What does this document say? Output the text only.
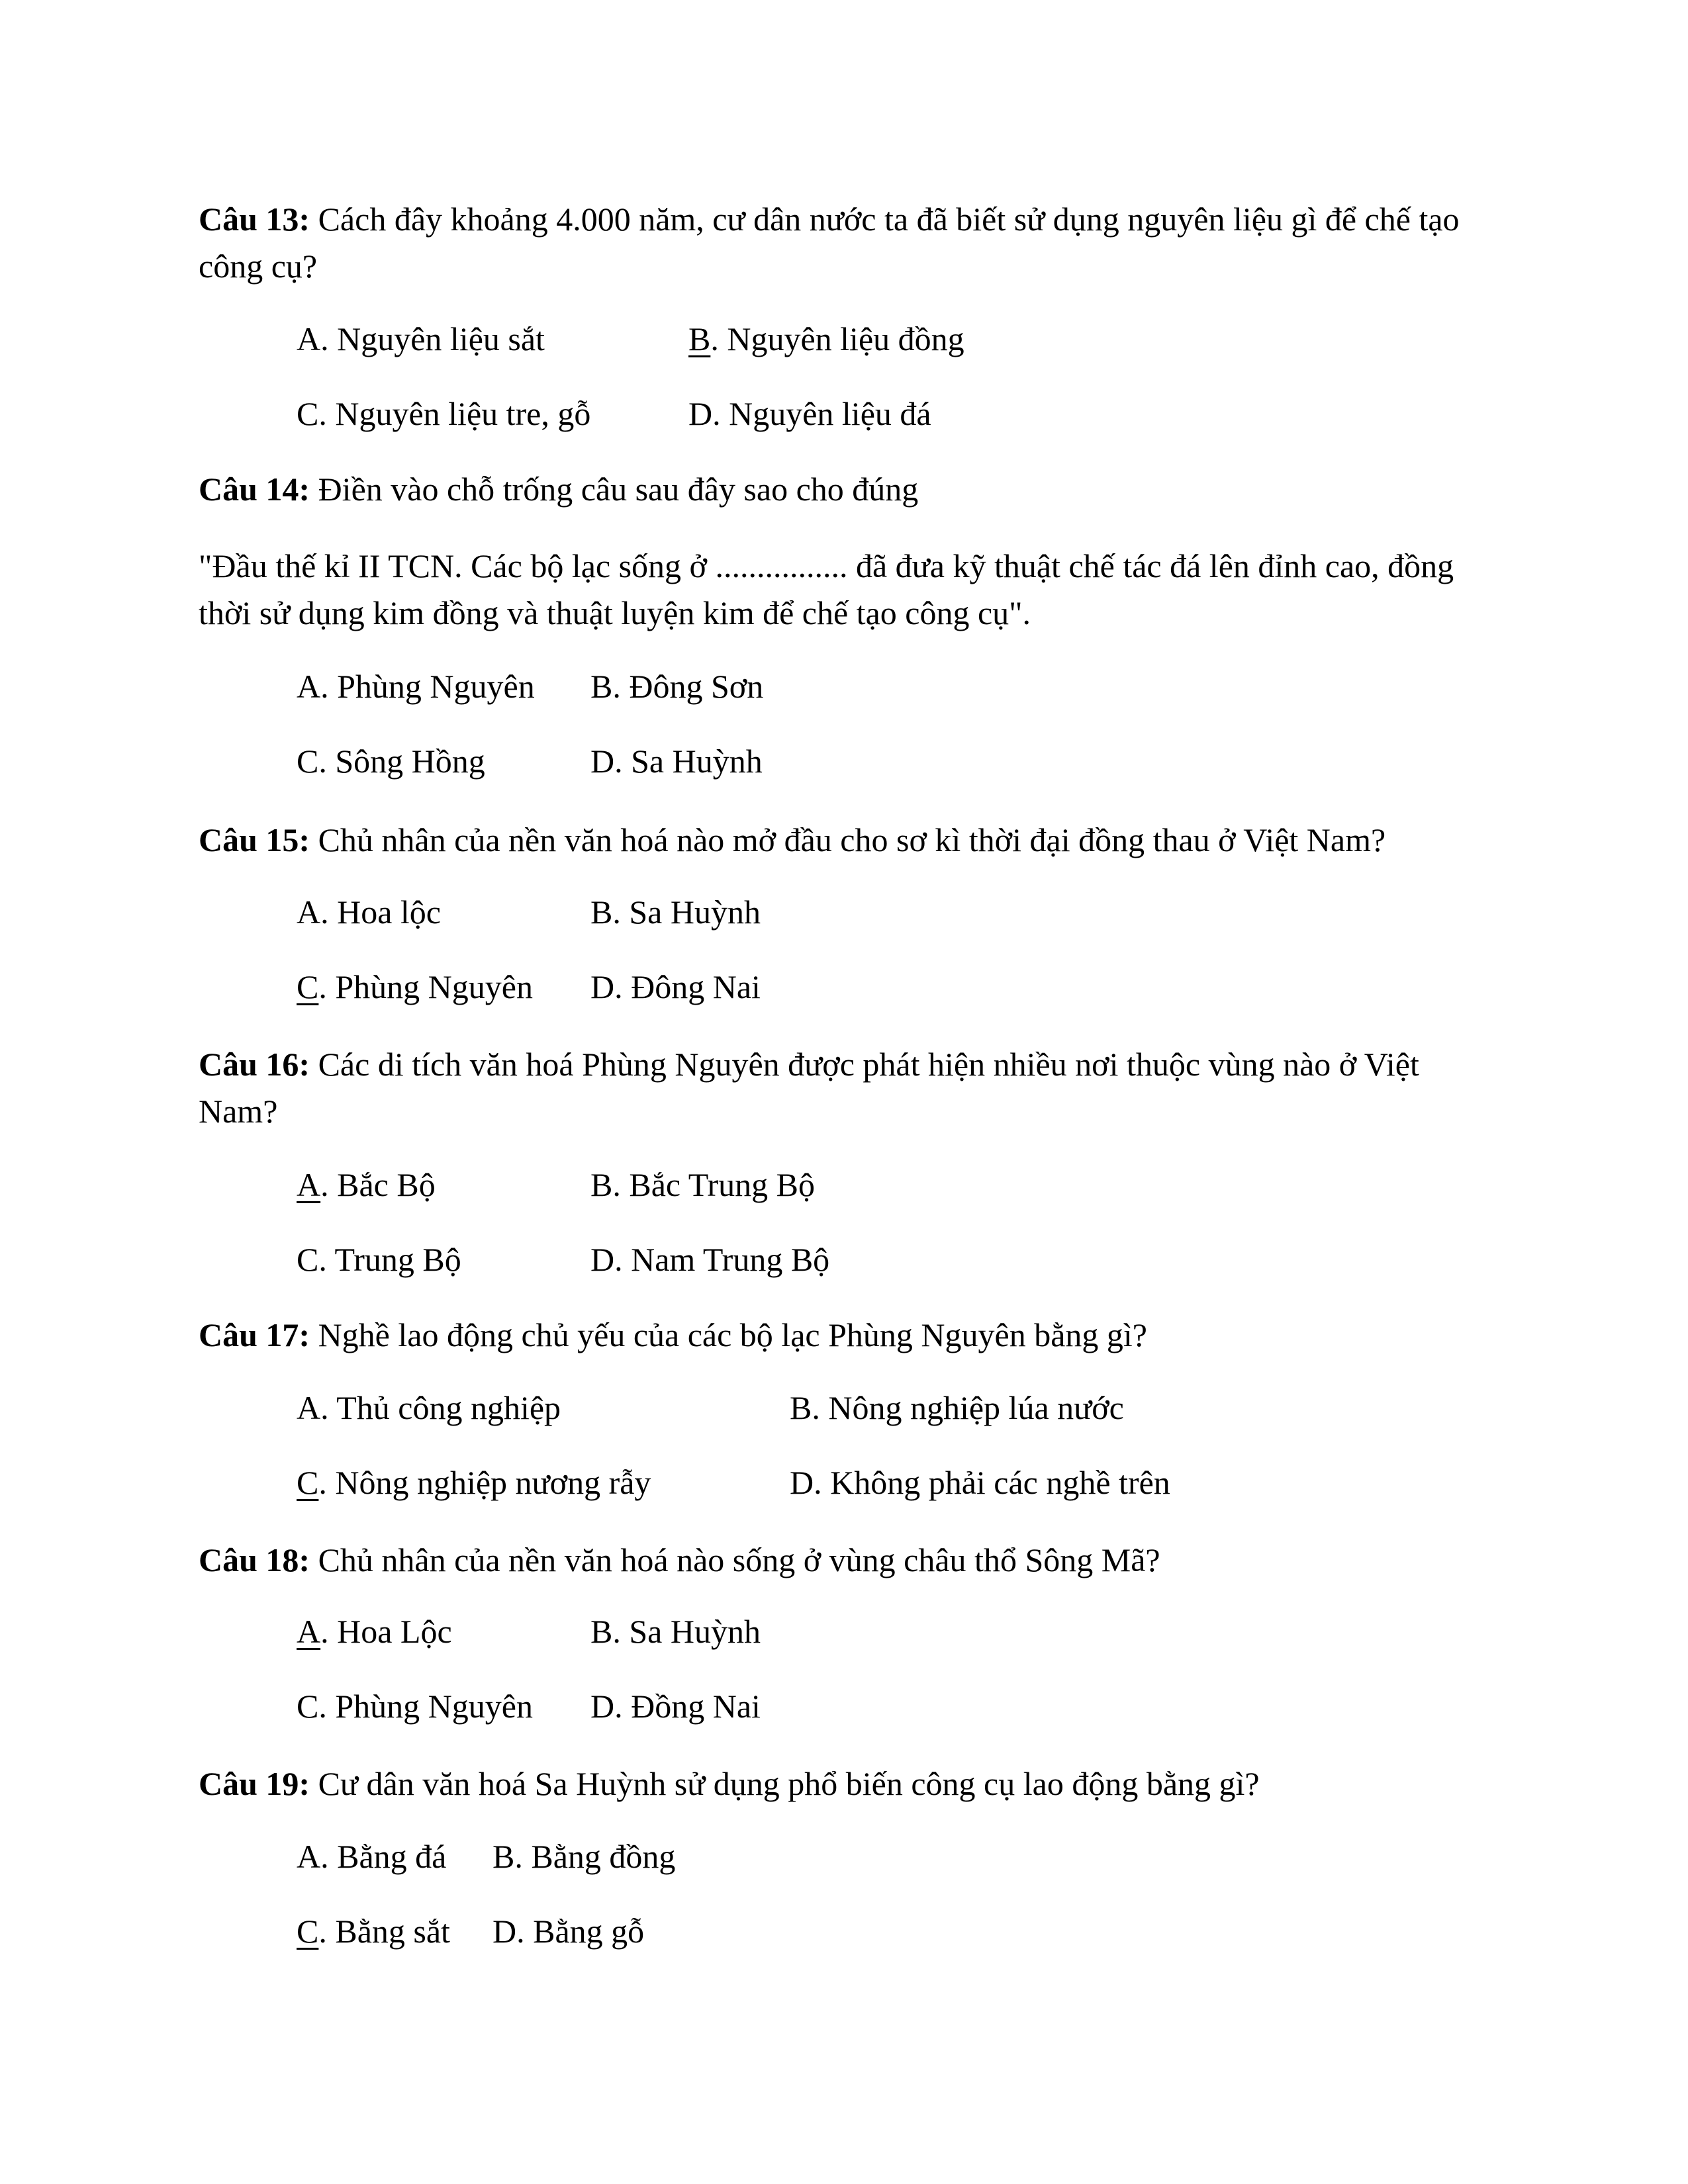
Câu 13: Cách đây khoảng 4.000 năm, cư dân nước ta đã biết sử dụng nguyên liệu gì để chế tạo công cụ?
A. Nguyên liệu sắt	B. Nguyên liệu đồng
C. Nguyên liệu tre, gỗ	D. Nguyên liệu đá
Câu 14: Điền vào chỗ trống câu sau đây sao cho đúng
"Đầu thế kỉ II TCN. Các bộ lạc sống ở ................ đã đưa kỹ thuật chế tác đá lên đỉnh cao, đồng thời sử dụng kim đồng và thuật luyện kim để chế tạo công cụ".
A. Phùng Nguyên B. Đông Sơn
C. Sông Hồng	D. Sa Huỳnh
Câu 15: Chủ nhân của nền văn hoá nào mở đầu cho sơ kì thời đại đồng thau ở Việt Nam?
A. Hoa lộc	B. Sa Huỳnh
C. Phùng Nguyên D. Đông Nai
Câu 16: Các di tích văn hoá Phùng Nguyên được phát hiện nhiều nơi thuộc vùng nào ở Việt Nam?
A. Bắc Bộ	B. Bắc Trung Bộ
C. Trung Bộ	D. Nam Trung Bộ
Câu 17: Nghề lao động chủ yếu của các bộ lạc Phùng Nguyên bằng gì?
A. Thủ công nghiệp	B. Nông nghiệp lúa nước
C. Nông nghiệp nương rẫy	D. Không phải các nghề trên
Câu 18: Chủ nhân của nền văn hoá nào sống ở vùng châu thổ Sông Mã?
A. Hoa Lộc	B. Sa Huỳnh
C. Phùng Nguyên D. Đồng Nai
Câu 19: Cư dân văn hoá Sa Huỳnh sử dụng phổ biến công cụ lao động bằng gì?
A. Bằng đá B. Bằng đồng
C. Bằng sắt D. Bằng gỗ
